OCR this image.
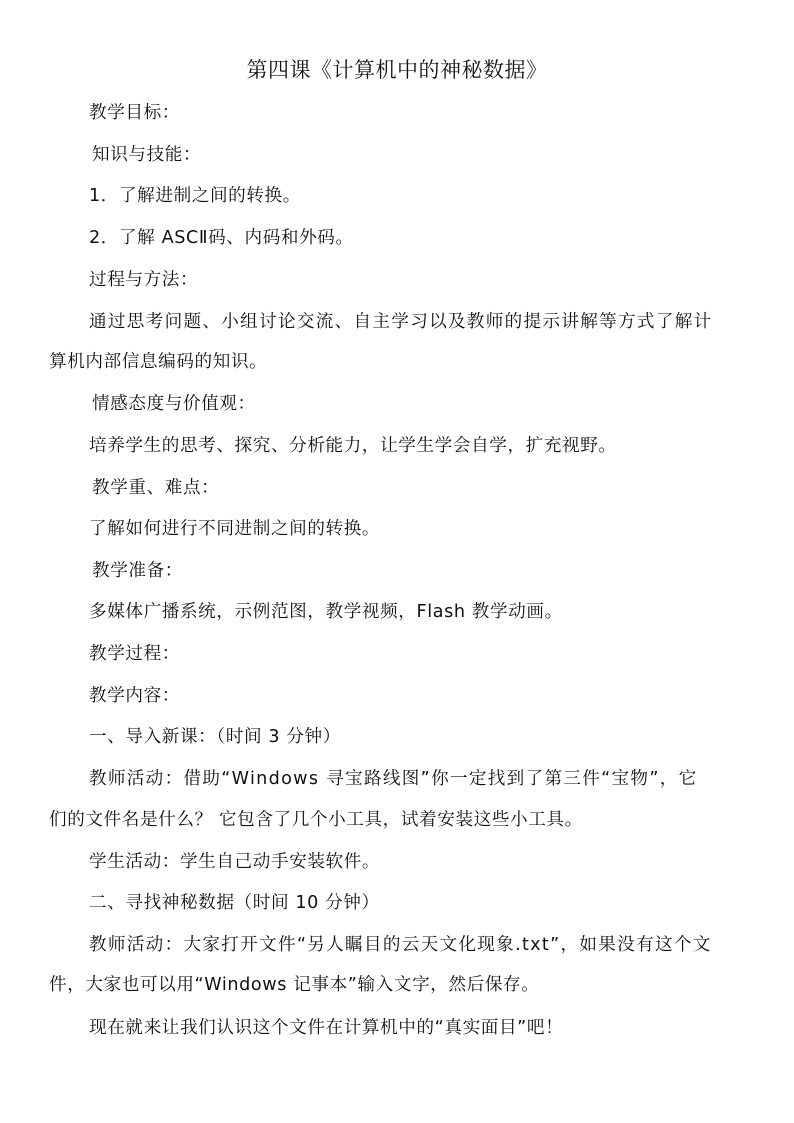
第四课《计算机中的神秘数据》
教学目标：
知识与技能：
1．了解进制之间的转换。
2．了解 ASCⅡ码、内码和外码。
过程与方法：
通过思考问题、小组讨论交流、自主学习以及教师的提示讲解等方式了解计
算机内部信息编码的知识。
情感态度与价值观：
培养学生的思考、探究、分析能力，让学生学会自学，扩充视野。
教学重、难点：
了解如何进行不同进制之间的转换。
教学准备：
多媒体广播系统，示例范图，教学视频，Flash 教学动画。
教学过程：
教学内容：
一、导入新课：（时间 3 分钟）
教师活动：借助“Windows 寻宝路线图”你一定找到了第三件“宝物”，它
们的文件名是什么？ 它包含了几个小工具，试着安装这些小工具。
学生活动：学生自己动手安装软件。
二、寻找神秘数据（时间 10 分钟）
教师活动：大家打开文件“另人瞩目的云天文化现象.txt”，如果没有这个文
件，大家也可以用“Windows 记事本”输入文字，然后保存。
现在就来让我们认识这个文件在计算机中的“真实面目”吧！
